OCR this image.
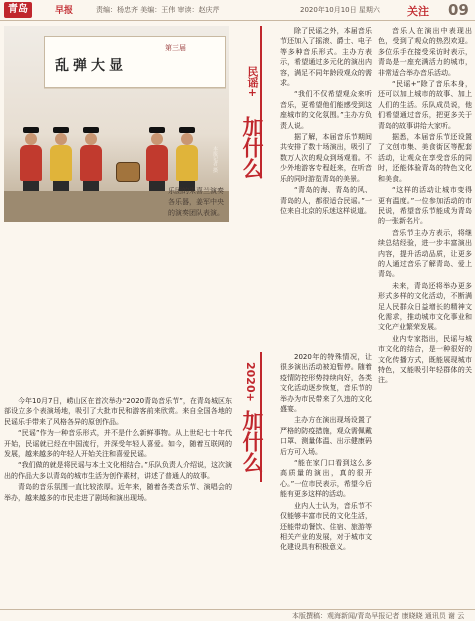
青岛	早报	责编：杨忠齐 美编：王伟 审读：赵庆芹	2020年10月10日 星期六 关注 09
第三届
乱弹大显
本报记者 摄
乐团的朱喜兰演奏各乐器，姜军中央的演奏团队表演。
民谣+
加什么
2020+
加什么

今年10月7日，崂山区在首次举办“2020青岛音乐节”，在青岛城区东部设立多个表演场地，吸引了大批市民和游客前来欣赏。来自全国各地的民谣乐手带来了风格各异的原创作品。

“民谣”作为一种音乐形式，并不是什么新鲜事物。从上世纪七十年代开始，民谣就已经在中国流行，并深受年轻人喜爱。如今，随着互联网的发展，越来越多的年轻人开始关注和喜爱民谣。

“我们做的就是将民谣与本土文化相结合。”乐队负责人介绍说，这次演出的作品大多以青岛的城市生活为创作素材，讲述了普通人的故事。

青岛的音乐氛围一直比较浓厚。近年来，随着各类音乐节、演唱会的举办，越来越多的市民走进了剧场和演出现场。

除了民谣之外，本届音乐节还加入了摇滚、爵士、电子等多种音乐形式。主办方表示，希望通过多元化的演出内容，满足不同年龄段观众的需求。

“我们不仅希望观众来听音乐，更希望他们能感受到这座城市的文化氛围。”主办方负责人说。

据了解，本届音乐节期间共安排了数十场演出，吸引了数万人次的观众到场观看。不少外地游客专程赶来，在听音乐的同时游览青岛的美景。

“青岛的海、青岛的风、青岛的人，都很适合民谣。”一位来自北京的乐迷这样说道。

2020年的特殊情况，让很多演出活动被迫暂停。随着疫情防控形势持续向好，各类文化活动逐步恢复，音乐节的举办为市民带来了久违的文化盛宴。

主办方在演出现场设置了严格的防疫措施，观众需佩戴口罩、测量体温、出示健康码后方可入场。

“能在家门口看到这么多高质量的演出，真的很开心。”一位市民表示，希望今后能有更多这样的活动。

业内人士认为，音乐节不仅能够丰富市民的文化生活，还能带动餐饮、住宿、旅游等相关产业的发展，对于城市文化建设具有积极意义。

音乐人在演出中表现出色，受到了观众的热烈欢迎。多位乐手在接受采访时表示，青岛是一座充满活力的城市，非常适合举办音乐活动。

“民谣+”除了音乐本身，还可以加上城市的故事、加上人们的生活。乐队成员说，他们希望通过音乐，把更多关于青岛的故事讲给大家听。

据悉，本届音乐节还设置了文创市集、美食街区等配套活动，让观众在享受音乐的同时，还能体验青岛的特色文化和美食。

“这样的活动让城市变得更有温度。”一位参加活动的市民说，希望音乐节能成为青岛的一张新名片。

音乐节主办方表示，将继续总结经验，进一步丰富演出内容，提升活动品质，让更多的人通过音乐了解青岛、爱上青岛。

未来，青岛还将举办更多形式多样的文化活动，不断满足人民群众日益增长的精神文化需求，推动城市文化事业和文化产业繁荣发展。

业内专家指出，民谣与城市文化的结合，是一种很好的文化传播方式，既能展现城市特色，又能吸引年轻群体的关注。

本版撰稿：观海新闻/青岛早报记者 康晓晓 通讯员 谢 云
